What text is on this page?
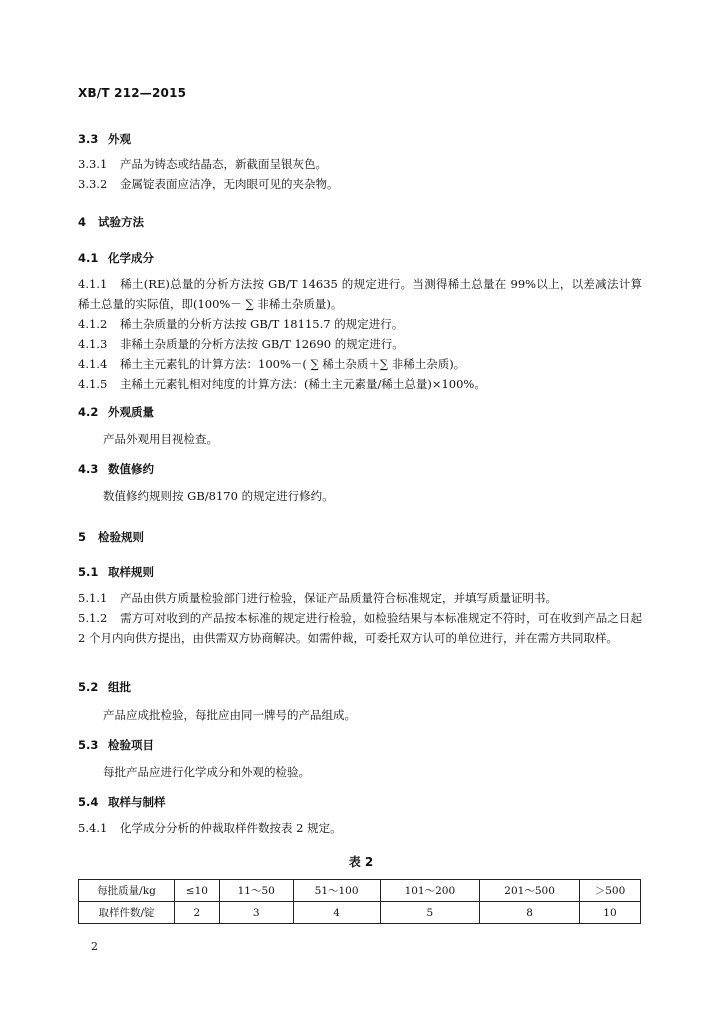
XB/T 212—2015
3.3 外观
3.3.1 产品为铸态或结晶态，新截面呈银灰色。
3.3.2 金属锭表面应洁净，无肉眼可见的夹杂物。
4 试验方法
4.1 化学成分
4.1.1 稀土(RE)总量的分析方法按 GB/T 14635 的规定进行。当测得稀土总量在 99%以上，以差减法计算稀土总量的实际值，即(100%－ ∑ 非稀土杂质量)。
4.1.2 稀土杂质量的分析方法按 GB/T 18115.7 的规定进行。
4.1.3 非稀土杂质量的分析方法按 GB/T 12690 的规定进行。
4.1.4 稀土主元素钆的计算方法：100%－( ∑ 稀土杂质＋∑ 非稀土杂质)。
4.1.5 主稀土元素钆相对纯度的计算方法：(稀土主元素量/稀土总量)×100%。
4.2 外观质量
产品外观用目视检查。
4.3 数值修约
数值修约规则按 GB/8170 的规定进行修约。
5 检验规则
5.1 取样规则
5.1.1 产品由供方质量检验部门进行检验，保证产品质量符合标准规定，并填写质量证明书。
5.1.2 需方可对收到的产品按本标准的规定进行检验，如检验结果与本标准规定不符时，可在收到产品之日起 2 个月内向供方提出，由供需双方协商解决。如需仲裁，可委托双方认可的单位进行，并在需方共同取样。
5.2 组批
产品应成批检验，每批应由同一牌号的产品组成。
5.3 检验项目
每批产品应进行化学成分和外观的检验。
5.4 取样与制样
5.4.1 化学成分分析的仲裁取样件数按表 2 规定。
表 2
每批质量/kg	≤10	11～50	51～100	101～200	201～500	＞500
取样件数/锭	2	3	4	5	8	10
2
